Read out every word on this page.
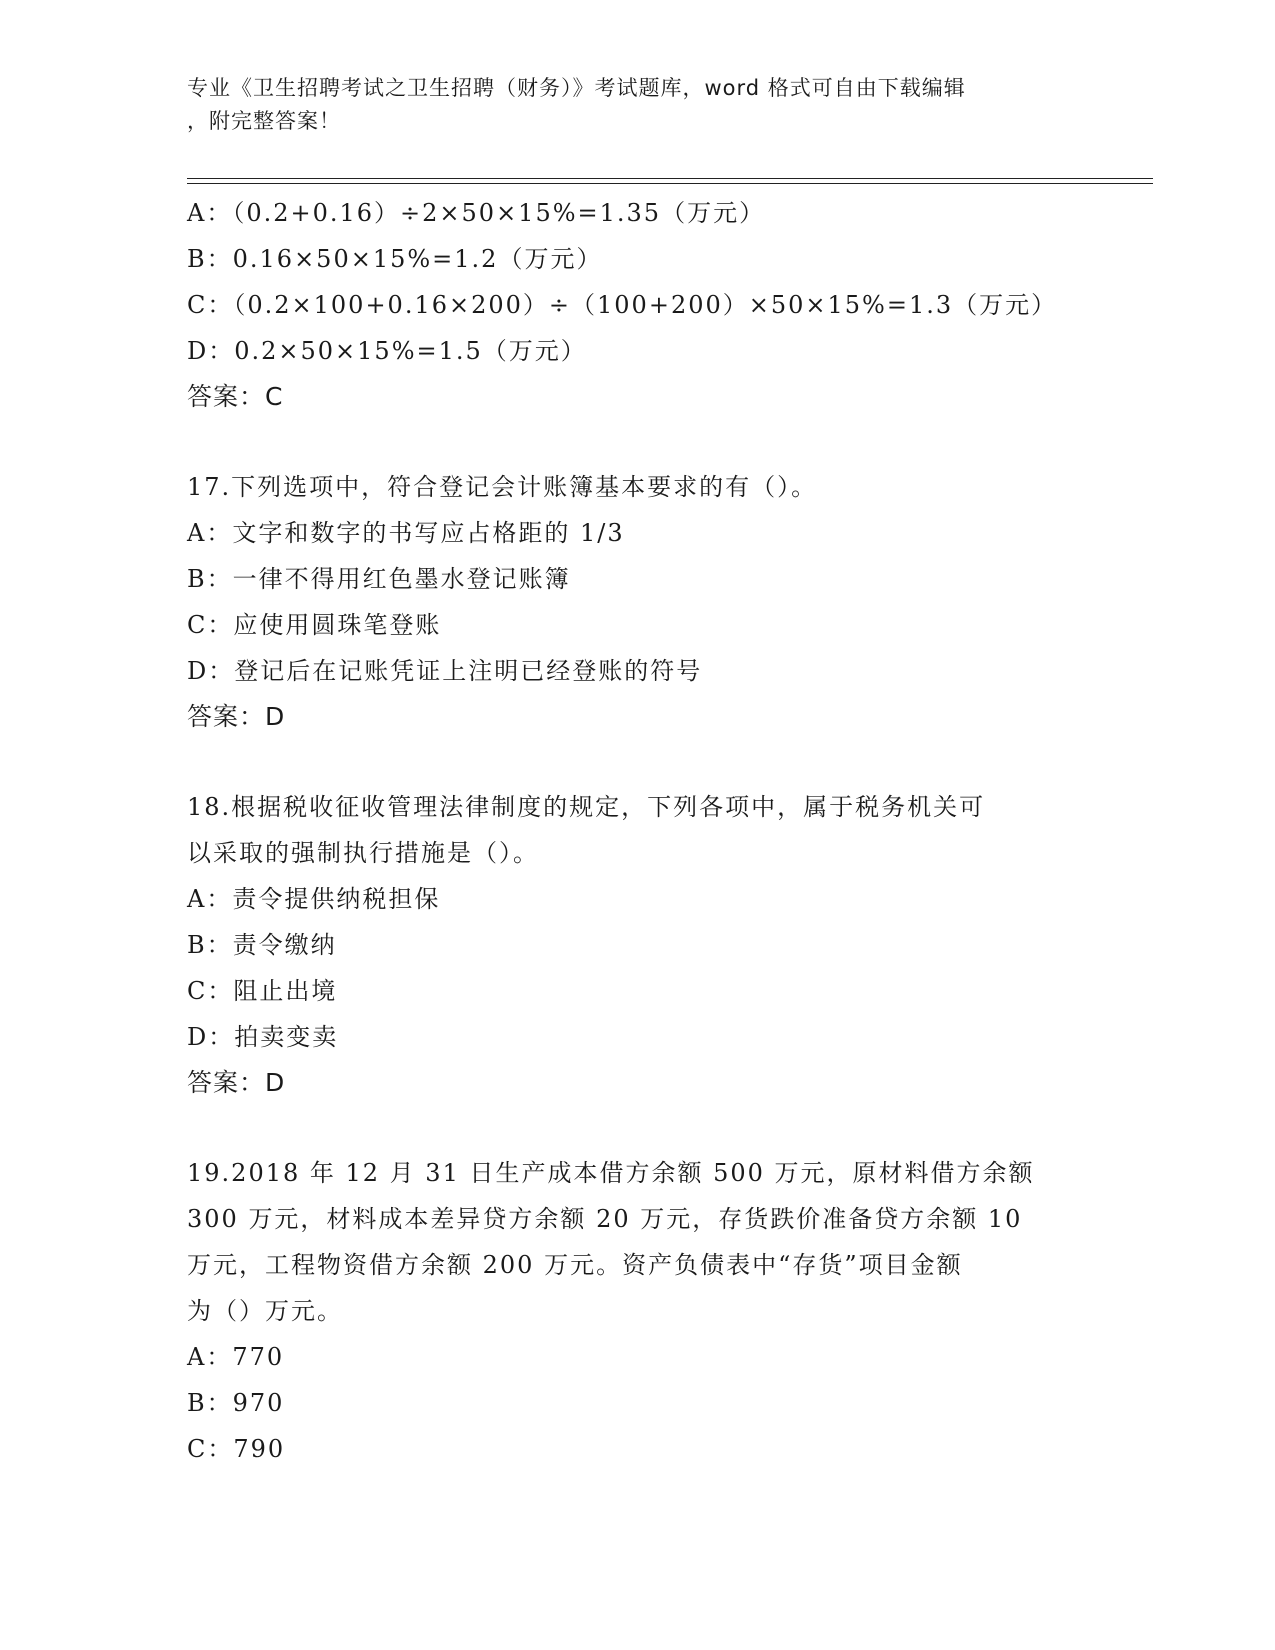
专业《卫生招聘考试之卫生招聘（财务）》考试题库，word 格式可自由下载编辑
，附完整答案！
A：（0.2+0.16）÷2×50×15%=1.35（万元）
B：0.16×50×15%=1.2（万元）
C：（0.2×100+0.16×200）÷（100+200）×50×15%=1.3（万元）
D：0.2×50×15%=1.5（万元）
答案：C
17.下列选项中，符合登记会计账簿基本要求的有（）。
A：文字和数字的书写应占格距的 1/3
B：一律不得用红色墨水登记账簿
C：应使用圆珠笔登账
D：登记后在记账凭证上注明已经登账的符号
答案：D
18.根据税收征收管理法律制度的规定，下列各项中，属于税务机关可
以采取的强制执行措施是（）。
A：责令提供纳税担保
B：责令缴纳
C：阻止出境
D：拍卖变卖
答案：D
19.2018 年 12 月 31 日生产成本借方余额 500 万元，原材料借方余额
300 万元，材料成本差异贷方余额 20 万元，存货跌价准备贷方余额 10
万元，工程物资借方余额 200 万元。资产负债表中“存货”项目金额
为（）万元。
A：770
B：970
C：790
